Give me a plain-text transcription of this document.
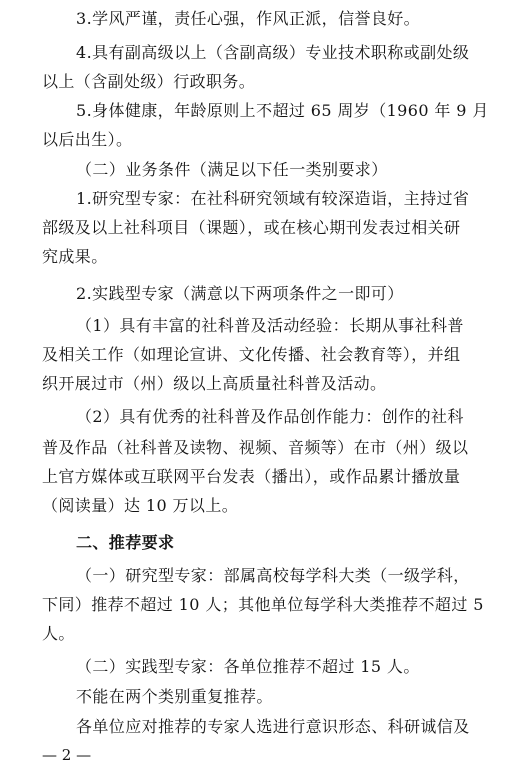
3.学风严谨，责任心强，作风正派，信誉良好。
4.具有副高级以上（含副高级）专业技术职称或副处级
以上（含副处级）行政职务。
5.身体健康，年龄原则上不超过 65 周岁（1960 年 9 月
以后出生）。
（二）业务条件（满足以下任一类别要求）
1.研究型专家：在社科研究领域有较深造诣，主持过省
部级及以上社科项目（课题），或在核心期刊发表过相关研
究成果。
2.实践型专家（满意以下两项条件之一即可）
（1）具有丰富的社科普及活动经验：长期从事社科普
及相关工作（如理论宣讲、文化传播、社会教育等），并组
织开展过市（州）级以上高质量社科普及活动。
（2）具有优秀的社科普及作品创作能力：创作的社科
普及作品（社科普及读物、视频、音频等）在市（州）级以
上官方媒体或互联网平台发表（播出），或作品累计播放量
（阅读量）达 10 万以上。
二、推荐要求
（一）研究型专家：部属高校每学科大类（一级学科，
下同）推荐不超过 10 人；其他单位每学科大类推荐不超过 5
人。
（二）实践型专家：各单位推荐不超过 15 人。
不能在两个类别重复推荐。
各单位应对推荐的专家人选进行意识形态、科研诚信及
— 2 —
